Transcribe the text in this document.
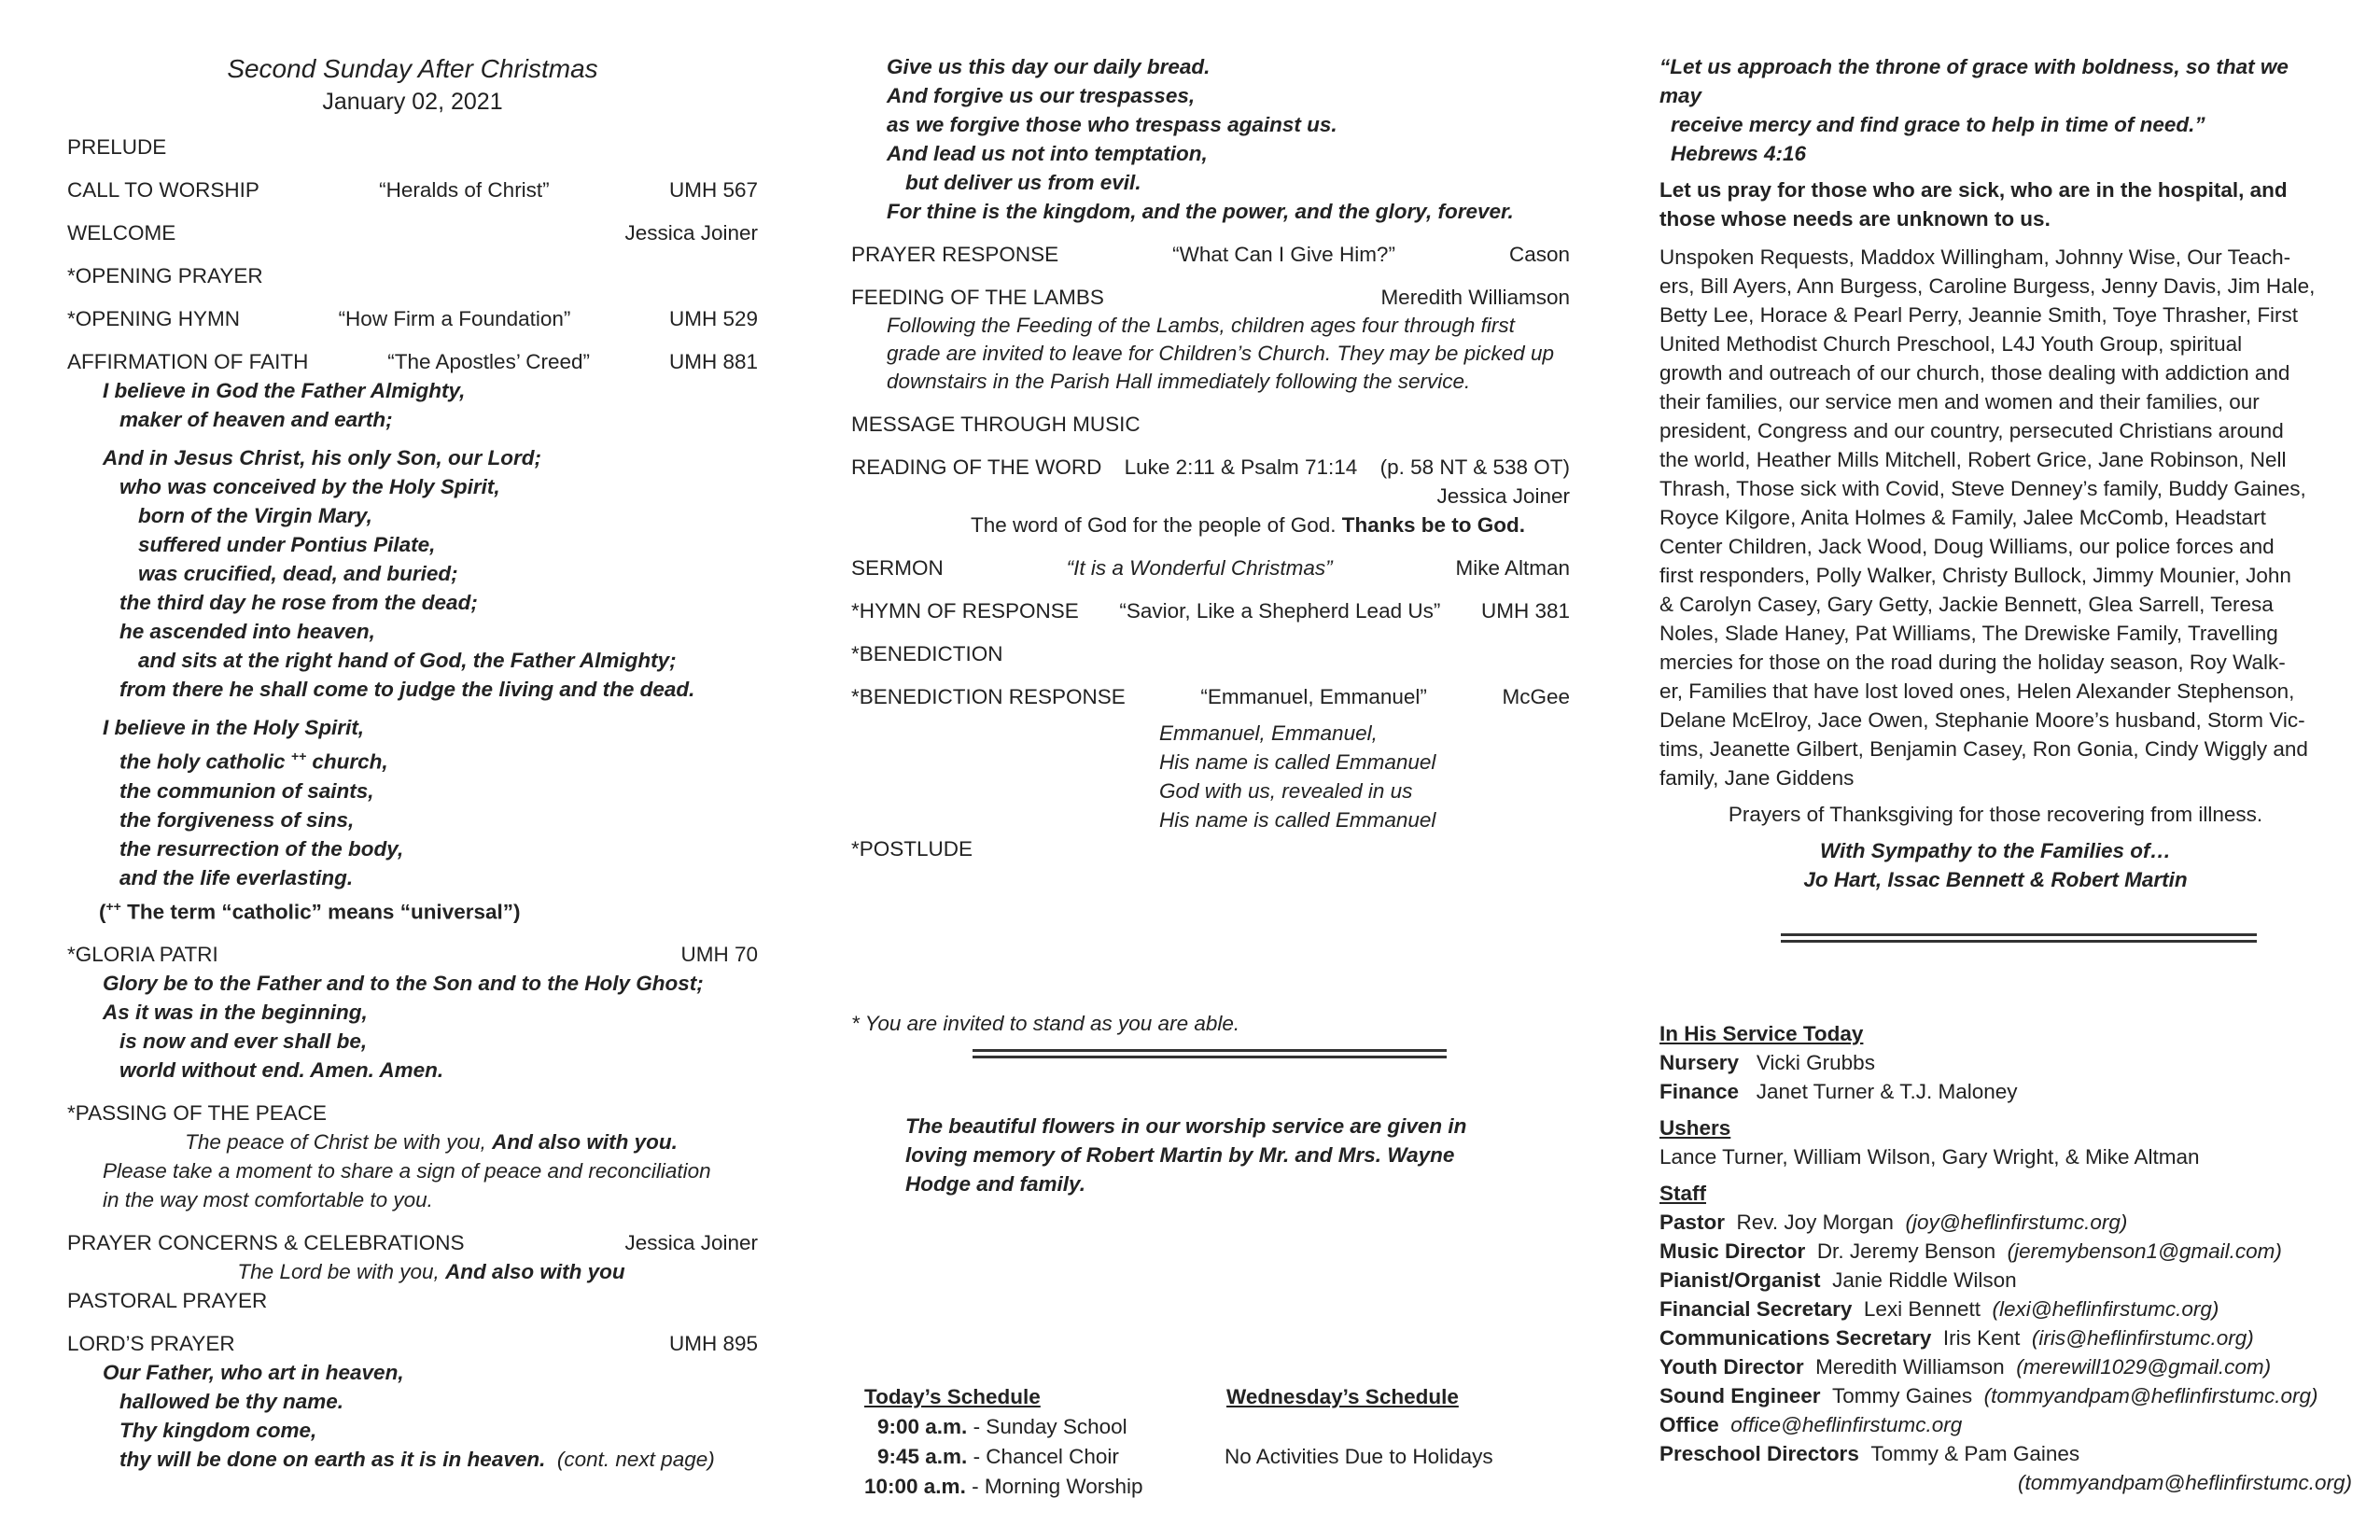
Second Sunday After Christmas
January 02, 2021
PRELUDE
CALL TO WORSHIP	“Heralds of Christ”	UMH 567
WELCOME	Jessica Joiner
*OPENING PRAYER
*OPENING HYMN	“How Firm a Foundation”	UMH 529
AFFIRMATION OF FAITH	“The Apostles’ Creed”	UMH 881
I believe in God the Father Almighty,
maker of heaven and earth;
And in Jesus Christ, his only Son, our Lord;
who was conceived by the Holy Spirit,
born of the Virgin Mary,
suffered under Pontius Pilate,
was crucified, dead, and buried;
the third day he rose from the dead;
he ascended into heaven,
and sits at the right hand of God, the Father Almighty;
from there he shall come to judge the living and the dead.
I believe in the Holy Spirit,
the holy catholic ++ church,
the communion of saints,
the forgiveness of sins,
the resurrection of the body,
and the life everlasting.
(++ The term “catholic” means “universal”)
*GLORIA PATRI	UMH 70
Glory be to the Father and to the Son and to the Holy Ghost;
As it was in the beginning,
is now and ever shall be,
world without end. Amen. Amen.
*PASSING OF THE PEACE
The peace of Christ be with you, And also with you.
Please take a moment to share a sign of peace and reconciliation
in the way most comfortable to you.
PRAYER CONCERNS & CELEBRATIONS	Jessica Joiner
The Lord be with you, And also with you
PASTORAL PRAYER
LORD’S PRAYER	UMH 895
Our Father, who art in heaven,
hallowed be thy name.
Thy kingdom come,
thy will be done on earth as it is in heaven. (cont. next page)
Give us this day our daily bread.
And forgive us our trespasses,
as we forgive those who trespass against us.
And lead us not into temptation,
but deliver us from evil.
For thine is the kingdom, and the power, and the glory, forever.
PRAYER RESPONSE	“What Can I Give Him?”	Cason
FEEDING OF THE LAMBS	Meredith Williamson
Following the Feeding of the Lambs, children ages four through first
grade are invited to leave for Children’s Church. They may be picked up
downstairs in the Parish Hall immediately following the service.
MESSAGE THROUGH MUSIC
READING OF THE WORD	Luke 2:11 & Psalm 71:14	(p. 58 NT & 538 OT)
Jessica Joiner
The word of God for the people of God. Thanks be to God.
SERMON	“It is a Wonderful Christmas”	Mike Altman
*HYMN OF RESPONSE	“Savior, Like a Shepherd Lead Us”	UMH 381
*BENEDICTION
*BENEDICTION RESPONSE	“Emmanuel, Emmanuel”	McGee
Emmanuel, Emmanuel,
His name is called Emmanuel
God with us, revealed in us
His name is called Emmanuel
*POSTLUDE
* You are invited to stand as you are able.
The beautiful flowers in our worship service are given in loving memory of Robert Martin by Mr. and Mrs. Wayne Hodge and family.
Today’s Schedule
9:00 a.m. - Sunday School
9:45 a.m. - Chancel Choir
10:00 a.m. - Morning Worship
Wednesday’s Schedule
No Activities Due to Holidays
“Let us approach the throne of grace with boldness, so that we may
receive mercy and find grace to help in time of need.”
Hebrews 4:16
Let us pray for those who are sick, who are in the hospital, and those whose needs are unknown to us.
Unspoken Requests, Maddox Willingham, Johnny Wise, Our Teach-
ers, Bill Ayers, Ann Burgess, Caroline Burgess, Jenny Davis, Jim Hale,
Betty Lee, Horace & Pearl Perry, Jeannie Smith, Toye Thrasher, First
United Methodist Church Preschool, L4J Youth Group, spiritual
growth and outreach of our church, those dealing with addiction and
their families, our service men and women and their families, our
president, Congress and our country, persecuted Christians around
the world, Heather Mills Mitchell, Robert Grice, Jane Robinson, Nell
Thrash, Those sick with Covid, Steve Denney’s family, Buddy Gaines,
Royce Kilgore, Anita Holmes & Family, Jalee McComb, Headstart
Center Children, Jack Wood, Doug Williams, our police forces and
first responders, Polly Walker, Christy Bullock, Jimmy Mounier, John
& Carolyn Casey, Gary Getty, Jackie Bennett, Glea Sarrell, Teresa
Noles, Slade Haney, Pat Williams, The Drewiske Family, Travelling
mercies for those on the road during the holiday season, Roy Walk-
er, Families that have lost loved ones, Helen Alexander Stephenson,
Delane McElroy, Jace Owen, Stephanie Moore’s husband, Storm Vic-
tims, Jeanette Gilbert, Benjamin Casey, Ron Gonia, Cindy Wiggly and
family, Jane Giddens
Prayers of Thanksgiving for those recovering from illness.
With Sympathy to the Families of…
Jo Hart, Issac Bennett & Robert Martin
In His Service Today
Nursery Vicki Grubbs
Finance Janet Turner & T.J. Maloney
Ushers
Lance Turner, William Wilson, Gary Wright, & Mike Altman
Staff
Pastor Rev. Joy Morgan (joy@heflinfirstumc.org)
Music Director Dr. Jeremy Benson (jeremybenson1@gmail.com)
Pianist/Organist Janie Riddle Wilson
Financial Secretary Lexi Bennett (lexi@heflinfirstumc.org)
Communications Secretary Iris Kent (iris@heflinfirstumc.org)
Youth Director Meredith Williamson (merewill1029@gmail.com)
Sound Engineer Tommy Gaines (tommyandpam@heflinfirstumc.org)
Office office@heflinfirstumc.org
Preschool Directors Tommy & Pam Gaines
(tommyandpam@heflinfirstumc.org)
